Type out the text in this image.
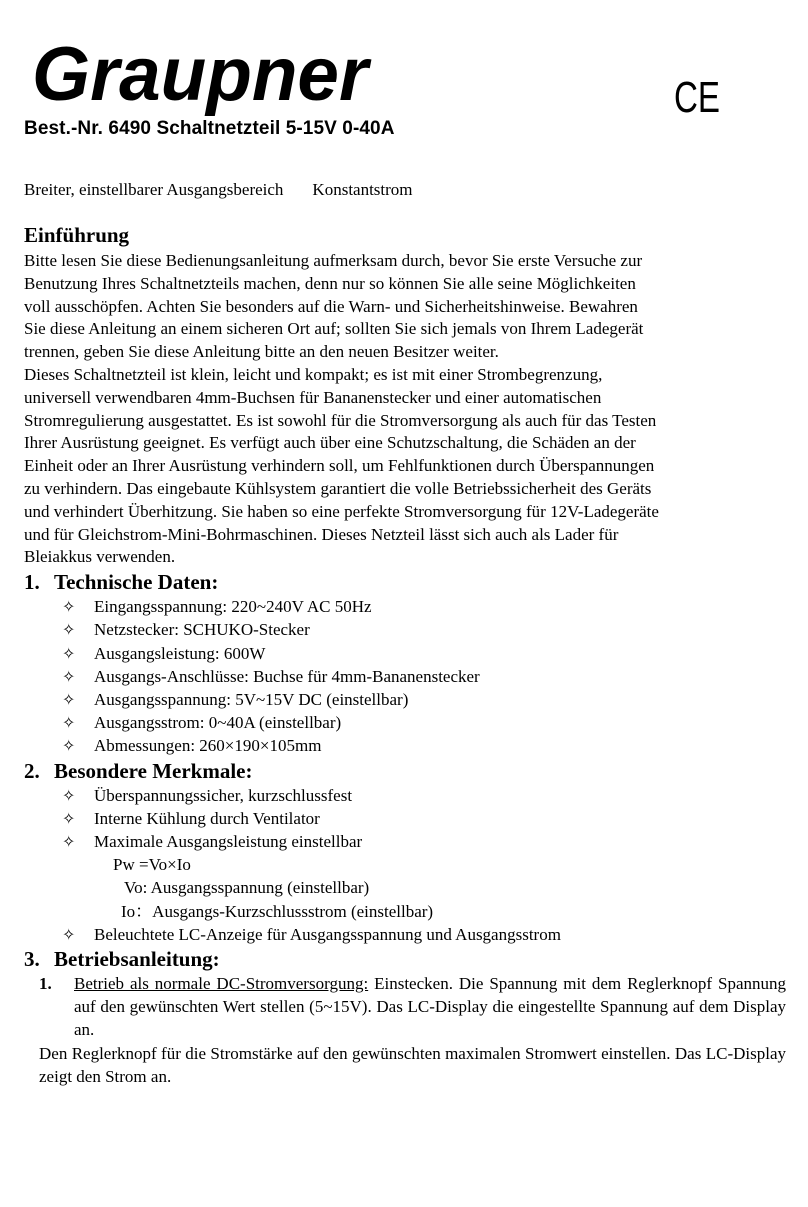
Graupner	CE
Best.-Nr. 6490 Schaltnetzteil 5-15V 0-40A
Breiter, einstellbarer Ausgangsbereich Konstantstrom
Einführung

Bitte lesen Sie diese Bedienungsanleitung aufmerksam durch, bevor Sie erste Versuche zur

Benutzung Ihres Schaltnetzteils machen, denn nur so können Sie alle seine Möglichkeiten

voll ausschöpfen. Achten Sie besonders auf die Warn- und Sicherheitshinweise. Bewahren

Sie diese Anleitung an einem sicheren Ort auf; sollten Sie sich jemals von Ihrem Ladegerät

trennen, geben Sie diese Anleitung bitte an den neuen Besitzer weiter.

Dieses Schaltnetzteil ist klein, leicht und kompakt; es ist mit einer Strombegrenzung,

universell verwendbaren 4mm-Buchsen für Bananenstecker und einer automatischen

Stromregulierung ausgestattet. Es ist sowohl für die Stromversorgung als auch für das Testen

Ihrer Ausrüstung geeignet. Es verfügt auch über eine Schutzschaltung, die Schäden an der

Einheit oder an Ihrer Ausrüstung verhindern soll, um Fehlfunktionen durch Überspannungen

zu verhindern. Das eingebaute Kühlsystem garantiert die volle Betriebssicherheit des Geräts

und verhindert Überhitzung. Sie haben so eine perfekte Stromversorgung für 12V-Ladegeräte

und für Gleichstrom-Mini-Bohrmaschinen. Dieses Netzteil lässt sich auch als Lader für

Bleiakkus verwenden.

1. Technische Daten:
✧ Eingangsspannung: 220~240V AC 50Hz
✧ Netzstecker: SCHUKO-Stecker
✧ Ausgangsleistung: 600W
✧ Ausgangs-Anschlüsse: Buchse für 4mm-Bananenstecker
✧ Ausgangsspannung: 5V~15V DC (einstellbar)
✧ Ausgangsstrom: 0~40A (einstellbar)
✧ Abmessungen: 260×190×105mm
2. Besondere Merkmale:
✧ Überspannungssicher, kurzschlussfest
✧ Interne Kühlung durch Ventilator
✧ Maximale Ausgangsleistung einstellbar
Pw =Vo×Io
Vo: Ausgangsspannung (einstellbar)
Io：Ausgangs-Kurzschlussstrom (einstellbar)
✧ Beleuchtete LC-Anzeige für Ausgangsspannung und Ausgangsstrom
3. Betriebsanleitung:
1. Betrieb als normale DC-Stromversorgung: Einstecken. Die Spannung mit dem Reglerknopf Spannung auf den gewünschten Wert stellen (5~15V). Das LC-Display die eingestellte Spannung auf dem Display an.
Den Reglerknopf für die Stromstärke auf den gewünschten maximalen Stromwert einstellen. Das LC-Display zeigt den Strom an.
